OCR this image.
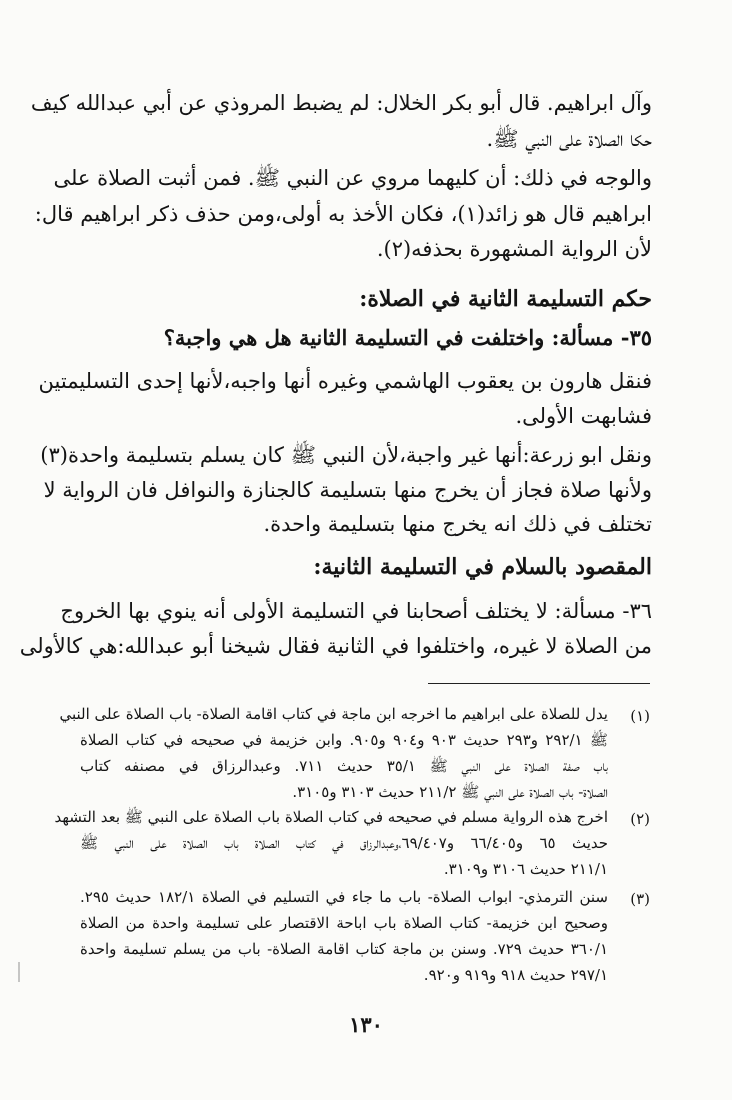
وآل ابراهيم. قال أبو بكر الخلال: لم يضبط المروذي عن أبي عبدالله كيف
حكا الصلاة على النبي ﷺ.
والوجه في ذلك: أن كليهما مروي عن النبي ﷺ. فمن أثبت الصلاة على
ابراهيم قال هو زائد(١)، فكان الأخذ به أولى،ومن حذف ذكر ابراهيم قال:
لأن الرواية المشهورة بحذفه(٢).
حكم التسليمة الثانية في الصلاة:
٣٥- مسألة: واختلفت في التسليمة الثانية هل هي واجبة؟
فنقل هارون بن يعقوب الهاشمي وغيره أنها واجبه،لأنها إحدى التسليمتين
فشابهت الأولى.
ونقل ابو زرعة:أنها غير واجبة،لأن النبي ﷺ كان يسلم بتسليمة واحدة(٣)
ولأنها صلاة فجاز أن يخرج منها بتسليمة كالجنازة والنوافل فان الرواية لا
تختلف في ذلك انه يخرج منها بتسليمة واحدة.
المقصود بالسلام في التسليمة الثانية:
٣٦- مسألة: لا يختلف أصحابنا في التسليمة الأولى أنه ينوي بها الخروج
من الصلاة لا غيره، واختلفوا في الثانية فقال شيخنا أبو عبدالله:هي كالأولى
(١)
يدل للصلاة على ابراهيم ما اخرجه ابن ماجة في كتاب اقامة الصلاة- باب الصلاة على النبي
ﷺ ٢٩٢/١ و٢٩٣ حديث ٩٠٣ و٩٠٤ و٩٠٥. وابن خزيمة في صحيحه في كتاب الصلاة
باب صفة الصلاة على النبي ﷺ ٣٥/١ حديث ٧١١. وعبدالرزاق في مصنفه كتاب
الصلاة- باب الصلاة على النبي ﷺ ٢١١/٢ حديث ٣١٠٣ و٣١٠٥.
(٢)
اخرج هذه الرواية مسلم في صحيحه في كتاب الصلاة باب الصلاة على النبي ﷺ بعد التشهد
حديث ٦٥ و٦٦/٤٠٥ و٦٩/٤٠٧،وعبدالرزاق في كتاب الصلاة باب الصلاة على النبي ﷺ
٢١١/١ حديث ٣١٠٦ و٣١٠٩.
(٣)
سنن الترمذي- ابواب الصلاة- باب ما جاء في التسليم في الصلاة ١٨٢/١ حديث ٢٩٥.
وصحيح ابن خزيمة- كتاب الصلاة باب اباحة الاقتصار على تسليمة واحدة من الصلاة
٣٦٠/١ حديث ٧٢٩. وسنن بن ماجة كتاب اقامة الصلاة- باب من يسلم تسليمة واحدة
٢٩٧/١ حديث ٩١٨ و٩١٩ و٩٢٠.
١٣٠
